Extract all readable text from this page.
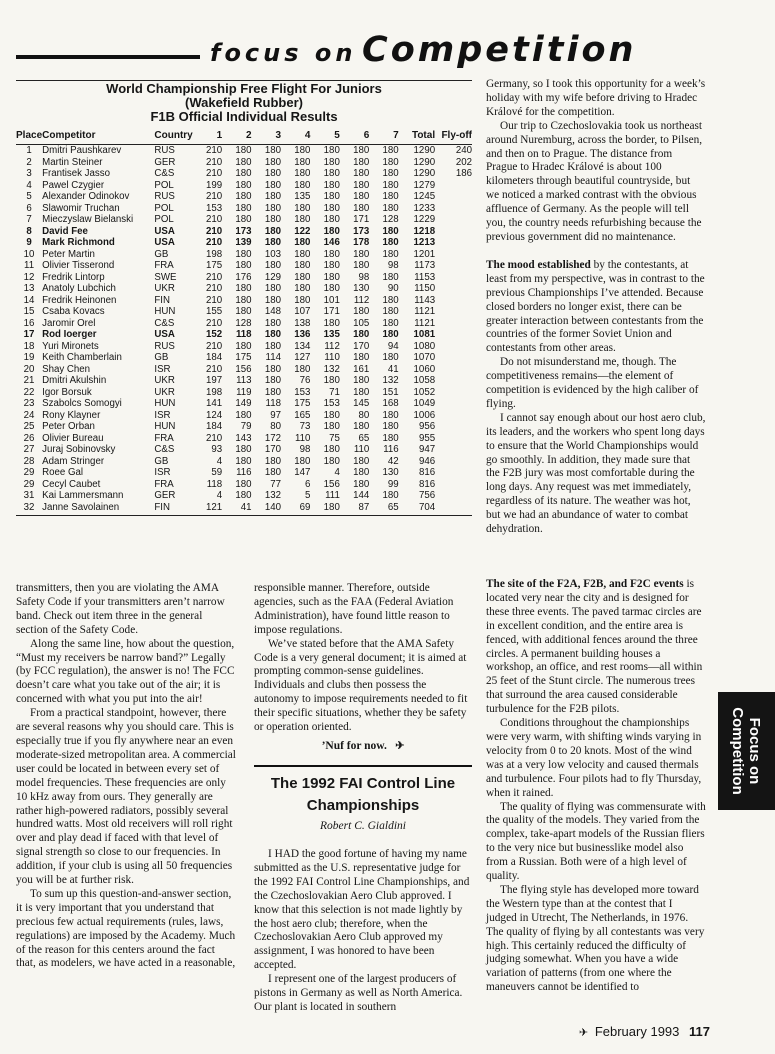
focus on Competition
World Championship Free Flight For Juniors
(Wakefield Rubber)
F1B Official Individual Results
Place	Competitor	Country	1	2	3	4	5	6	7	Total	Fly-off
1	Dmitri Paushkarev	RUS	210	180	180	180	180	180	180	1290	240
2	Martin Steiner	GER	210	180	180	180	180	180	180	1290	202
3	Frantisek Jasso	C&S	210	180	180	180	180	180	180	1290	186
4	Pawel Czygier	POL	199	180	180	180	180	180	180	1279	
5	Alexander Odinokov	RUS	210	180	180	135	180	180	180	1245	
6	Slawomir Truchan	POL	153	180	180	180	180	180	180	1233	
7	Mieczyslaw Bielanski	POL	210	180	180	180	180	171	128	1229	
8	David Fee	USA	210	173	180	122	180	173	180	1218	
9	Mark Richmond	USA	210	139	180	180	146	178	180	1213	
10	Peter Martin	GB	198	180	103	180	180	180	180	1201	
11	Olivier Tisserond	FRA	175	180	180	180	180	180	98	1173	
12	Fredrik Lintorp	SWE	210	176	129	180	180	98	180	1153	
13	Anatoly Lubchich	UKR	210	180	180	180	180	130	90	1150	
14	Fredrik Heinonen	FIN	210	180	180	180	101	112	180	1143	
15	Csaba Kovacs	HUN	155	180	148	107	171	180	180	1121	
16	Jaromir Orel	C&S	210	128	180	138	180	105	180	1121	
17	Rod Ioerger	USA	152	118	180	136	135	180	180	1081	
18	Yuri Mironets	RUS	210	180	180	134	112	170	94	1080	
19	Keith Chamberlain	GB	184	175	114	127	110	180	180	1070	
20	Shay Chen	ISR	210	156	180	180	132	161	41	1060	
21	Dmitri Akulshin	UKR	197	113	180	76	180	180	132	1058	
22	Igor Borsuk	UKR	198	119	180	153	71	180	151	1052	
23	Szabolcs Somogyi	HUN	141	149	118	175	153	145	168	1049	
24	Rony Klayner	ISR	124	180	97	165	180	80	180	1006	
25	Peter Orban	HUN	184	79	80	73	180	180	180	956	
26	Olivier Bureau	FRA	210	143	172	110	75	65	180	955	
27	Juraj Sobinovsky	C&S	93	180	170	98	180	110	116	947	
28	Adam Stringer	GB	4	180	180	180	180	180	42	946	
29	Roee Gal	ISR	59	116	180	147	4	180	130	816	
29	Cecyl Caubet	FRA	118	180	77	6	156	180	99	816	
31	Kai Lammersmann	GER	4	180	132	5	111	144	180	756	
32	Janne Savolainen	FIN	121	41	140	69	180	87	65	704	

transmitters, then you are violating the AMA Safety Code if your transmitters aren’t narrow band. Check out item three in the general section of the Safety Code.

Along the same line, how about the question, “Must my receivers be narrow band?” Legally (by FCC regulation), the answer is no! The FCC doesn’t care what you take out of the air; it is concerned with what you put into the air!

From a practical standpoint, however, there are several reasons why you should care. This is especially true if you fly anywhere near an even moderate-sized metropolitan area. A commercial user could be located in between every set of model frequencies. These frequencies are only 10 kHz away from ours. They generally are rather high-powered radiators, possibly several hundred watts. Most old receivers will roll right over and play dead if faced with that level of signal strength so close to our frequencies. In addition, if your club is using all 50 frequencies you will be at further risk.

To sum up this question-and-answer section, it is very important that you understand that precious few actual requirements (rules, laws, regulations) are imposed by the Academy. Much of the reason for this centers around the fact that, as modelers, we have acted in a reasonable,

responsible manner. Therefore, outside agencies, such as the FAA (Federal Aviation Administration), have found little reason to impose regulations.

We’ve stated before that the AMA Safety Code is a very general document; it is aimed at prompting common-sense guidelines. Individuals and clubs then possess the autonomy to impose requirements needed to fit their specific situations, whether they be safety or operation oriented.

’Nuf for now.   ✈
The 1992 FAI Control Line Championships
Robert C. Gialdini

I HAD the good fortune of having my name submitted as the U.S. representative judge for the 1992 FAI Control Line Championships, and the Czechoslovakian Aero Club approved. I know that this selection is not made lightly by the host aero club; therefore, when the Czechoslovakian Aero Club approved my assignment, I was honored to have been accepted.

I represent one of the largest producers of pistons in Germany as well as North America. Our plant is located in southern

Germany, so I took this opportunity for a week’s holiday with my wife before driving to Hradec Králové for the competition.

Our trip to Czechoslovakia took us northeast around Nuremburg, across the border, to Pilsen, and then on to Prague. The distance from Prague to Hradec Králové is about 100 kilometers through beautiful countryside, but we noticed a marked contrast with the obvious affluence of Germany. As the people will tell you, the country needs refurbishing because the previous government did no maintenance.

The mood established by the contestants, at least from my perspective, was in contrast to the previous Championships I’ve attended. Because closed borders no longer exist, there can be greater interaction between contestants from the countries of the former Soviet Union and contestants from other areas.

Do not misunderstand me, though. The competitiveness remains—the element of competition is evidenced by the high caliber of flying.

I cannot say enough about our host aero club, its leaders, and the workers who spent long days to ensure that the World Championships would go smoothly. In addition, they made sure that the F2B jury was most comfortable during the long days. Any request was met immediately, regardless of its nature. The weather was hot, but we had an abundance of water to combat dehydration.

The site of the F2A, F2B, and F2C events is located very near the city and is designed for these three events. The paved tarmac circles are in excellent condition, and the entire area is fenced, with additional fences around the three circles. A permanent building houses a workshop, an office, and rest rooms—all within 25 feet of the Stunt circle. The numerous trees that surround the area caused considerable turbulence for the F2B pilots.

Conditions throughout the championships were very warm, with shifting winds varying in velocity from 0 to 20 knots. Most of the wind was at a very low velocity and caused thermals and turbulence. Four pilots had to fly Thursday, when it rained.

The quality of flying was commensurate with the quality of the models. They varied from the complex, take-apart models of the Russian fliers to the very nice but businesslike model also from a Russian. Both were of a high level of quality.

The flying style has developed more toward the Western type than at the contest that I judged in Utrecht, The Netherlands, in 1976. The quality of flying by all contestants was very high. This certainly reduced the difficulty of judging somewhat. When you have a wide variation of patterns (from one where the maneuvers cannot be identified to

Focus on
Competition
✈  February 1993 117
